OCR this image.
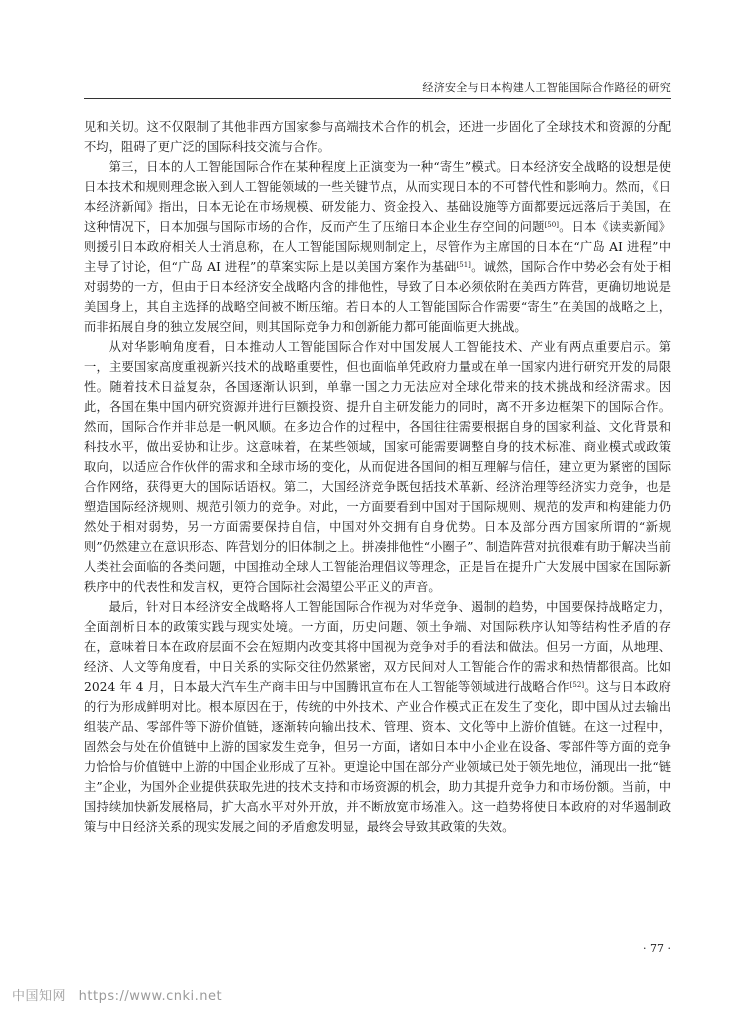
经济安全与日本构建人工智能国际合作路径的研究

见和关切。这不仅限制了其他非西方国家参与高端技术合作的机会，还进一步固化了全球技术和资源的分配不均，阻碍了更广泛的国际科技交流与合作。

第三，日本的人工智能国际合作在某种程度上正演变为一种“寄生”模式。日本经济安全战略的设想是使日本技术和规则理念嵌入到人工智能领域的一些关键节点，从而实现日本的不可替代性和影响力。然而，《日本经济新闻》指出，日本无论在市场规模、研发能力、资金投入、基础设施等方面都要远远落后于美国，在这种情况下，日本加强与国际市场的合作，反而产生了压缩日本企业生存空间的问题[50]。日本《读卖新闻》则援引日本政府相关人士消息称，在人工智能国际规则制定上，尽管作为主席国的日本在“广岛 AI 进程”中主导了讨论，但“广岛 AI 进程”的草案实际上是以美国方案作为基础[51]。诚然，国际合作中势必会有处于相对弱势的一方，但由于日本经济安全战略内含的排他性，导致了日本必须依附在美西方阵营，更确切地说是美国身上，其自主选择的战略空间被不断压缩。若日本的人工智能国际合作需要“寄生”在美国的战略之上，而非拓展自身的独立发展空间，则其国际竞争力和创新能力都可能面临更大挑战。

从对华影响角度看，日本推动人工智能国际合作对中国发展人工智能技术、产业有两点重要启示。第一，主要国家高度重视新兴技术的战略重要性，但也面临单凭政府力量或在单一国家内进行研究开发的局限性。随着技术日益复杂，各国逐渐认识到，单靠一国之力无法应对全球化带来的技术挑战和经济需求。因此，各国在集中国内研究资源并进行巨额投资、提升自主研发能力的同时，离不开多边框架下的国际合作。然而，国际合作并非总是一帆风顺。在多边合作的过程中，各国往往需要根据自身的国家利益、文化背景和科技水平，做出妥协和让步。这意味着，在某些领域，国家可能需要调整自身的技术标准、商业模式或政策取向，以适应合作伙伴的需求和全球市场的变化，从而促进各国间的相互理解与信任，建立更为紧密的国际合作网络，获得更大的国际话语权。第二，大国经济竞争既包括技术革新、经济治理等经济实力竞争，也是塑造国际经济规则、规范引领力的竞争。对此，一方面要看到中国对于国际规则、规范的发声和构建能力仍然处于相对弱势，另一方面需要保持自信，中国对外交拥有自身优势。日本及部分西方国家所谓的“新规则”仍然建立在意识形态、阵营划分的旧体制之上。拼凑排他性“小圈子”、制造阵营对抗很难有助于解决当前人类社会面临的各类问题，中国推动全球人工智能治理倡议等理念，正是旨在提升广大发展中国家在国际新秩序中的代表性和发言权，更符合国际社会渴望公平正义的声音。

最后，针对日本经济安全战略将人工智能国际合作视为对华竞争、遏制的趋势，中国要保持战略定力，全面剖析日本的政策实践与现实处境。一方面，历史问题、领土争端、对国际秩序认知等结构性矛盾的存在，意味着日本在政府层面不会在短期内改变其将中国视为竞争对手的看法和做法。但另一方面，从地理、经济、人文等角度看，中日关系的实际交往仍然紧密，双方民间对人工智能合作的需求和热情都很高。比如 2024 年 4 月，日本最大汽车生产商丰田与中国腾讯宣布在人工智能等领域进行战略合作[52]。这与日本政府的行为形成鲜明对比。根本原因在于，传统的中外技术、产业合作模式正在发生了变化，即中国从过去输出组装产品、零部件等下游价值链，逐渐转向输出技术、管理、资本、文化等中上游价值链。在这一过程中，固然会与处在价值链中上游的国家发生竞争，但另一方面，诸如日本中小企业在设备、零部件等方面的竞争力恰恰与价值链中上游的中国企业形成了互补。更遑论中国在部分产业领域已处于领先地位，涌现出一批“链主”企业，为国外企业提供获取先进的技术支持和市场资源的机会，助力其提升竞争力和市场份额。当前，中国持续加快新发展格局，扩大高水平对外开放，并不断放宽市场准入。这一趋势将使日本政府的对华遏制政策与中日经济关系的现实发展之间的矛盾愈发明显，最终会导致其政策的失效。

· 77 ·
中国知网 https://www.cnki.net
